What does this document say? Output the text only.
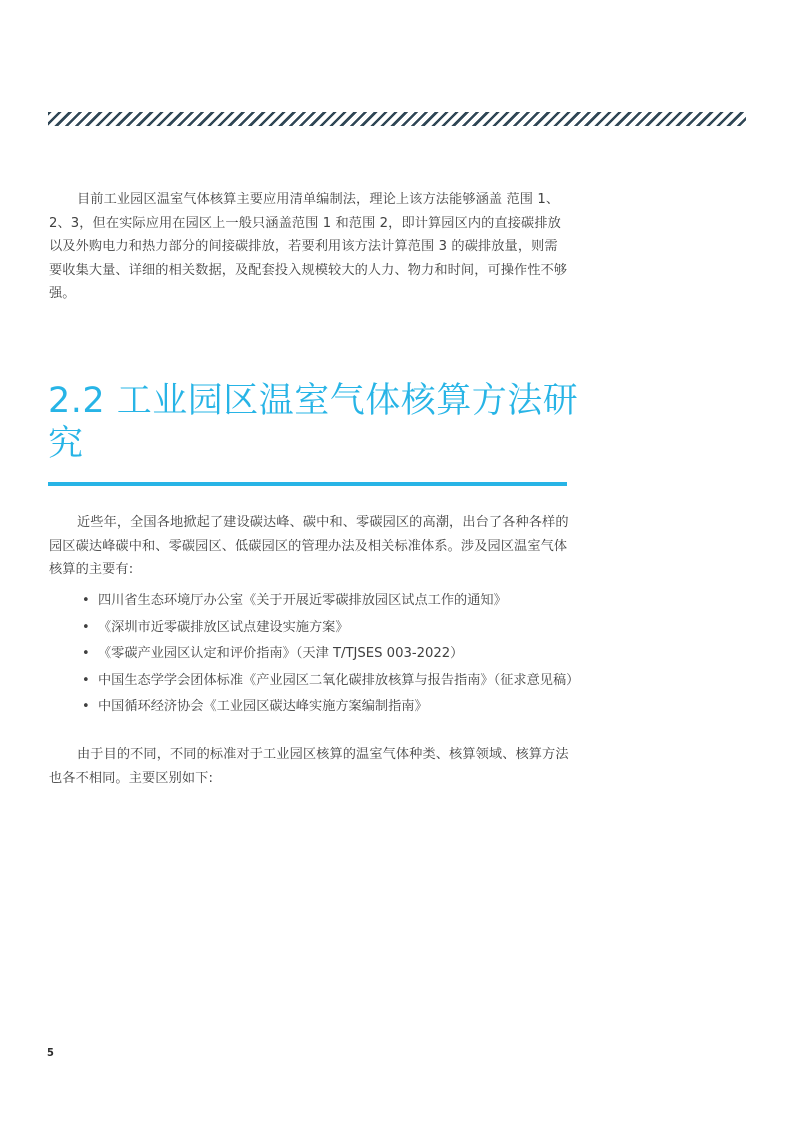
目前工业园区温室气体核算主要应用清单编制法，理论上该方法能够涵盖 范围 1、2、3，但在实际应用在园区上一般只涵盖范围 1 和范围 2，即计算园区内的直接碳排放以及外购电力和热力部分的间接碳排放，若要利用该方法计算范围 3 的碳排放量，则需要收集大量、详细的相关数据，及配套投入规模较大的人力、物力和时间，可操作性不够强。

2.2 工业园区温室气体核算方法研究

近些年，全国各地掀起了建设碳达峰、碳中和、零碳园区的高潮，出台了各种各样的园区碳达峰碳中和、零碳园区、低碳园区的管理办法及相关标准体系。涉及园区温室气体核算的主要有:

• 四川省生态环境厅办公室《关于开展近零碳排放园区试点工作的通知》
• 《深圳市近零碳排放区试点建设实施方案》
• 《零碳产业园区认定和评价指南》（天津 T/TJSES 003-2022）
• 中国生态学学会团体标准《产业园区二氧化碳排放核算与报告指南》（征求意见稿）
• 中国循环经济协会《工业园区碳达峰实施方案编制指南》

由于目的不同，不同的标准对于工业园区核算的温室气体种类、核算领域、核算方法也各不相同。主要区别如下:

5
